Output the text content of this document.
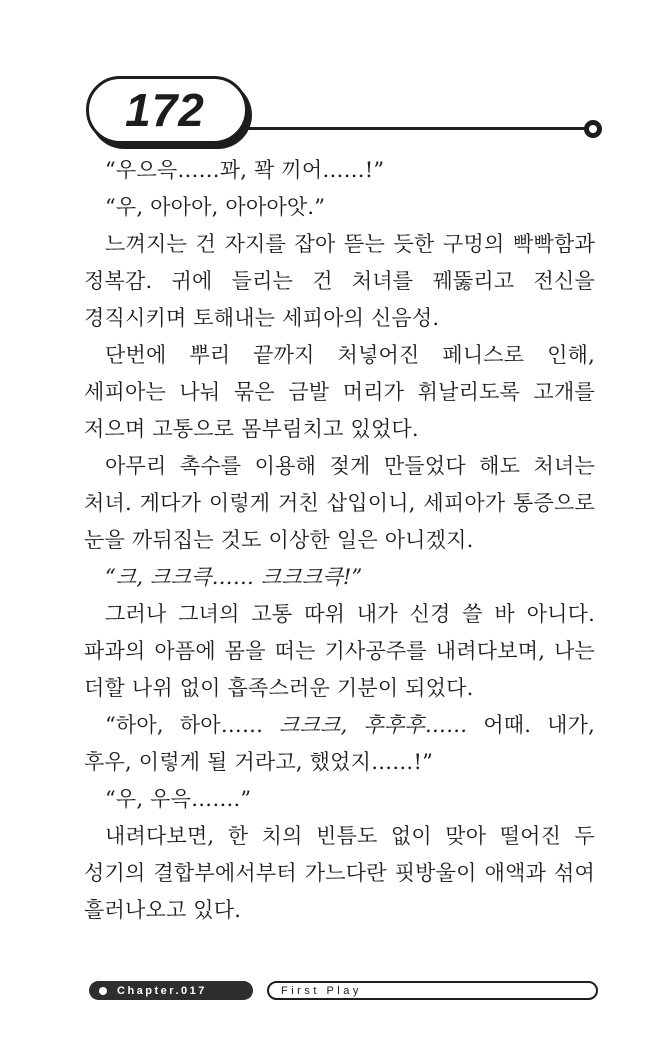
172

“우으윽……꽈, 꽉 끼어……!”

“우, 아아아, 아아아앗.”

느껴지는 건 자지를 잡아 뜯는 듯한 구멍의 빡빡함과 정복감. 귀에 들리는 건 처녀를 꿰뚫리고 전신을 경직시키며 토해내는 세피아의 신음성.

단번에 뿌리 끝까지 처넣어진 페니스로 인해, 세피아는 나눠 묶은 금발 머리가 휘날리도록 고개를 저으며 고통으로 몸부림치고 있었다.

아무리 촉수를 이용해 젖게 만들었다 해도 처녀는 처녀. 게다가 이렇게 거친 삽입이니, 세피아가 통증으로 눈을 까뒤집는 것도 이상한 일은 아니겠지.

“크, 크크큭…… 크크크큭!”

그러나 그녀의 고통 따위 내가 신경 쓸 바 아니다. 파과의 아픔에 몸을 떠는 기사공주를 내려다보며, 나는 더할 나위 없이 흡족스러운 기분이 되었다.

“하아, 하아…… 크크크, 후후후…… 어때. 내가, 후우, 이렇게 될 거라고, 했었지……!”

“우, 우윽…….”

내려다보면, 한 치의 빈틈도 없이 맞아 떨어진 두 성기의 결합부에서부터 가느다란 핏방울이 애액과 섞여 흘러나오고 있다.

Chapter.017	First Play
